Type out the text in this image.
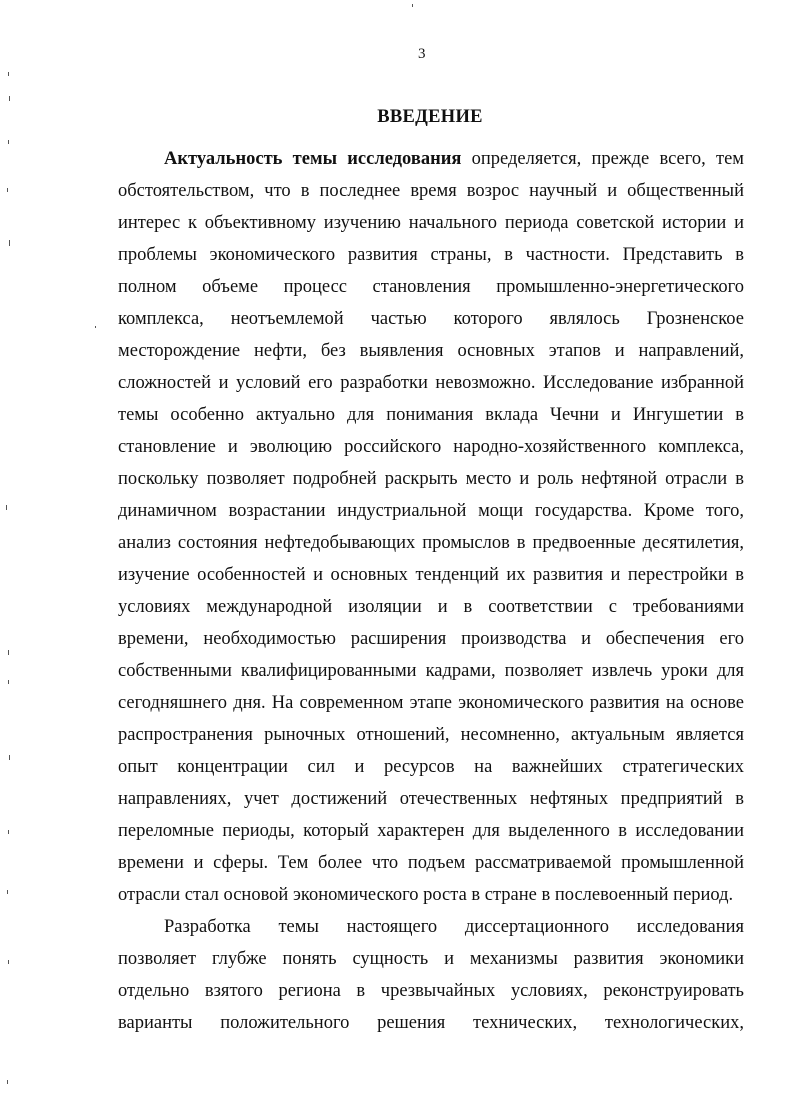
3
ВВЕДЕНИЕ
Актуальность темы исследования определяется, прежде всего, тем
обстоятельством, что в последнее время возрос научный и общественный
интерес к объективному изучению начального периода советской истории и
проблемы экономического развития страны, в частности. Представить в
полном объеме процесс становления промышленно-энергетического
комплекса, неотъемлемой частью которого являлось Грозненское
месторождение нефти, без выявления основных этапов и направлений,
сложностей и условий его разработки невозможно. Исследование избранной
темы особенно актуально для понимания вклада Чечни и Ингушетии в
становление и эволюцию российского народно-хозяйственного комплекса,
поскольку позволяет подробней раскрыть место и роль нефтяной отрасли в
динамичном возрастании индустриальной мощи государства. Кроме того,
анализ состояния нефтедобывающих промыслов в предвоенные десятилетия,
изучение особенностей и основных тенденций их развития и перестройки в
условиях международной изоляции и в соответствии с требованиями
времени, необходимостью расширения производства и обеспечения его
собственными квалифицированными кадрами, позволяет извлечь уроки для
сегодняшнего дня. На современном этапе экономического развития на основе
распространения рыночных отношений, несомненно, актуальным является
опыт концентрации сил и ресурсов на важнейших стратегических
направлениях, учет достижений отечественных нефтяных предприятий в
переломные периоды, который характерен для выделенного в исследовании
времени и сферы. Тем более что подъем рассматриваемой промышленной
отрасли стал основой экономического роста в стране в послевоенный период.
Разработка темы настоящего диссертационного исследования
позволяет глубже понять сущность и механизмы развития экономики
отдельно взятого региона в чрезвычайных условиях, реконструировать
варианты положительного решения технических, технологических,
